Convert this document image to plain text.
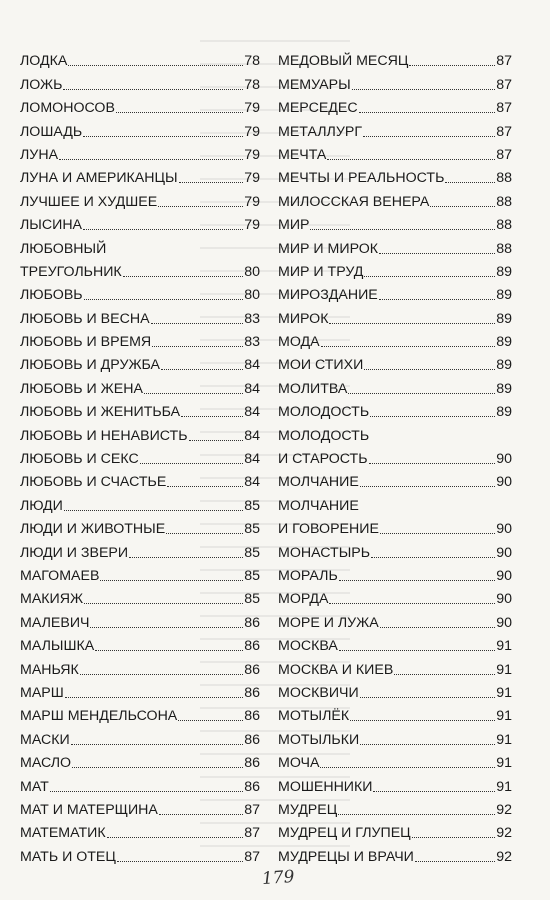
ЛОДКА	78
ЛОЖЬ	78
ЛОМОНОСОВ	79
ЛОШАДЬ	79
ЛУНА	79
ЛУНА И АМЕРИКАНЦЫ	79
ЛУЧШЕЕ И ХУДШЕЕ	79
ЛЫСИНА	79
ЛЮБОВНЫЙ
ТРЕУГОЛЬНИК	80
ЛЮБОВЬ	80
ЛЮБОВЬ И ВЕСНА	83
ЛЮБОВЬ И ВРЕМЯ	83
ЛЮБОВЬ И ДРУЖБА	84
ЛЮБОВЬ И ЖЕНА	84
ЛЮБОВЬ И ЖЕНИТЬБА	84
ЛЮБОВЬ И НЕНАВИСТЬ	84
ЛЮБОВЬ И СЕКС	84
ЛЮБОВЬ И СЧАСТЬЕ	84
ЛЮДИ	85
ЛЮДИ И ЖИВОТНЫЕ	85
ЛЮДИ И ЗВЕРИ	85
МАГОМАЕВ	85
МАКИЯЖ	85
МАЛЕВИЧ	86
МАЛЫШКА	86
МАНЬЯК	86
МАРШ	86
МАРШ МЕНДЕЛЬСОНА	86
МАСКИ	86
МАСЛО	86
МАТ	86
МАТ И МАТЕРЩИНА	87
МАТЕМАТИК	87
МАТЬ И ОТЕЦ	87
МЕДОВЫЙ МЕСЯЦ	87
МЕМУАРЫ	87
МЕРСЕДЕС	87
МЕТАЛЛУРГ	87
МЕЧТА	87
МЕЧТЫ И РЕАЛЬНОСТЬ	88
МИЛОССКАЯ ВЕНЕРА	88
МИР	88
МИР И МИРОК	88
МИР И ТРУД	89
МИРОЗДАНИЕ	89
МИРОК	89
МОДА	89
МОИ СТИХИ	89
МОЛИТВА	89
МОЛОДОСТЬ	89
МОЛОДОСТЬ
И СТАРОСТЬ	90
МОЛЧАНИЕ	90
МОЛЧАНИЕ
И ГОВОРЕНИЕ	90
МОНАСТЫРЬ	90
МОРАЛЬ	90
МОРДА	90
МОРЕ И ЛУЖА	90
МОСКВА	91
МОСКВА И КИЕВ	91
МОСКВИЧИ	91
МОТЫЛЁК	91
МОТЫЛЬКИ	91
МОЧА	91
МОШЕННИКИ	91
МУДРЕЦ	92
МУДРЕЦ И ГЛУПЕЦ	92
МУДРЕЦЫ И ВРАЧИ	92
179
